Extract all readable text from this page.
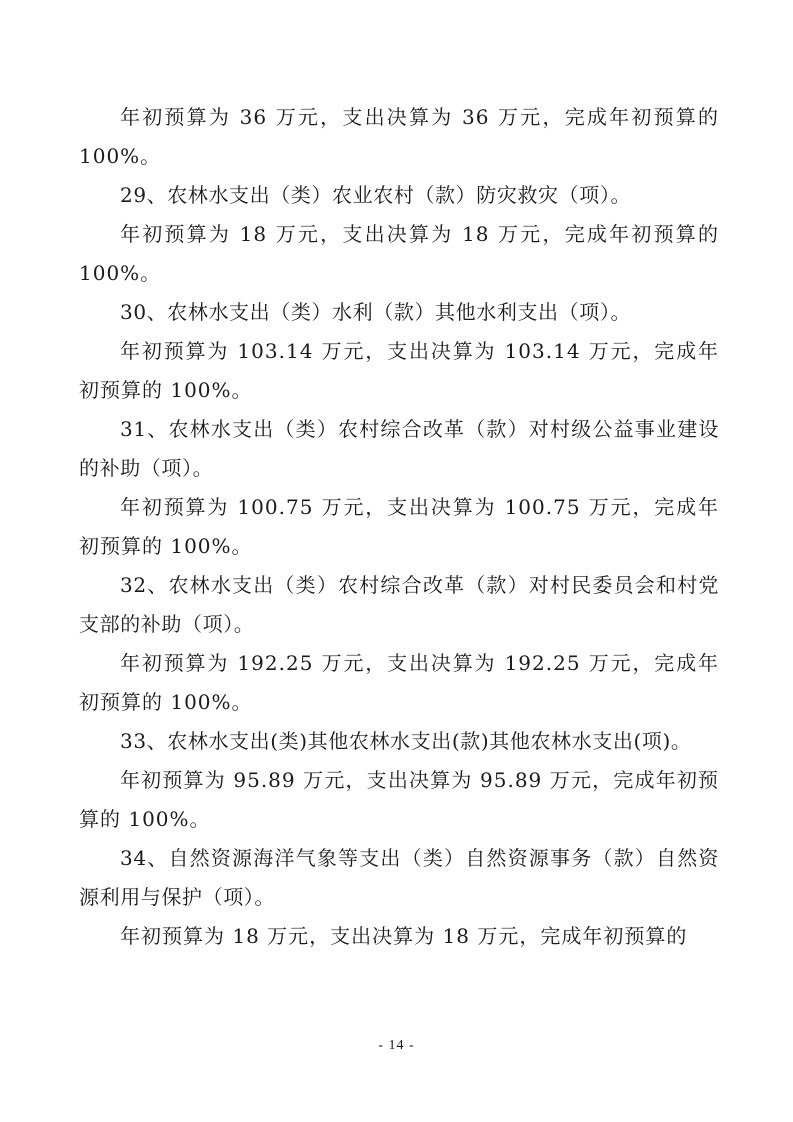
年初预算为 36 万元，支出决算为 36 万元，完成年初预算的 100%。

29、农林水支出（类）农业农村（款）防灾救灾（项）。

年初预算为 18 万元，支出决算为 18 万元，完成年初预算的 100%。

30、农林水支出（类）水利（款）其他水利支出（项）。

年初预算为 103.14 万元，支出决算为 103.14 万元，完成年初预算的 100%。

31、农林水支出（类）农村综合改革（款）对村级公益事业建设的补助（项）。

年初预算为 100.75 万元，支出决算为 100.75 万元，完成年初预算的 100%。

32、农林水支出（类）农村综合改革（款）对村民委员会和村党支部的补助（项）。

年初预算为 192.25 万元，支出决算为 192.25 万元，完成年初预算的 100%。

33、农林水支出(类)其他农林水支出(款)其他农林水支出(项)。

年初预算为 95.89 万元，支出决算为 95.89 万元，完成年初预算的 100%。

34、自然资源海洋气象等支出（类）自然资源事务（款）自然资源利用与保护（项）。

年初预算为 18 万元，支出决算为 18 万元，完成年初预算的

- 14 -
